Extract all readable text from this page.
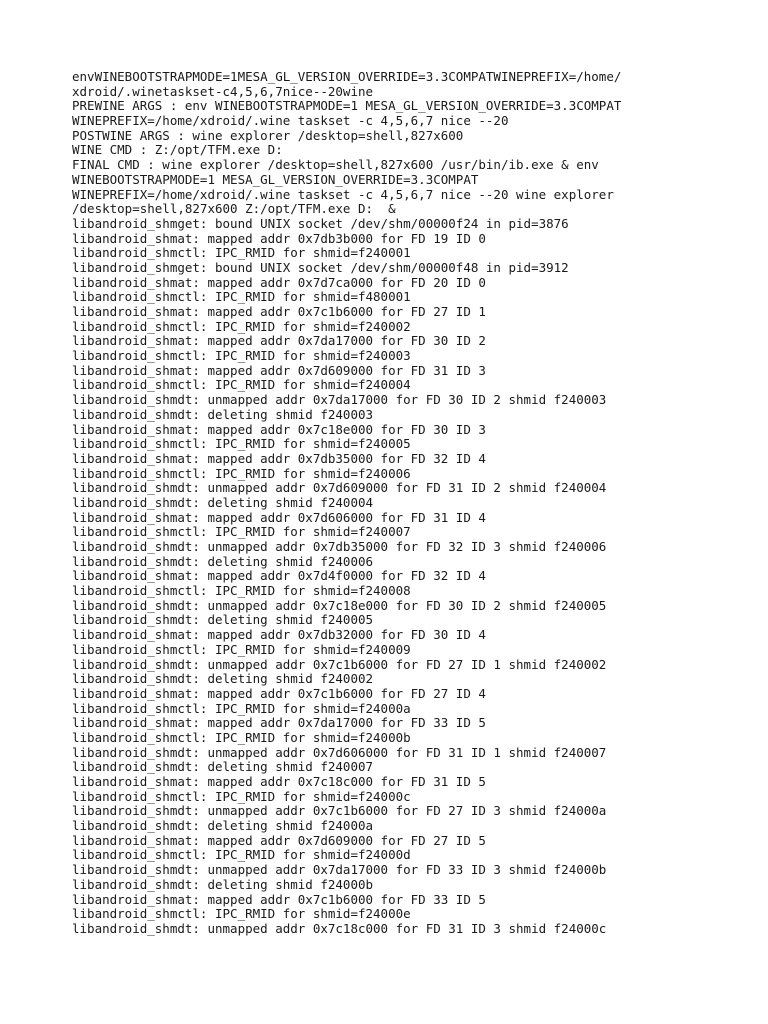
envWINEBOOTSTRAPMODE=1MESA_GL_VERSION_OVERRIDE=3.3COMPATWINEPREFIX=/home/
xdroid/.winetaskset-c4,5,6,7nice--20wine
PREWINE ARGS : env WINEBOOTSTRAPMODE=1 MESA_GL_VERSION_OVERRIDE=3.3COMPAT
WINEPREFIX=/home/xdroid/.wine taskset -c 4,5,6,7 nice --20
POSTWINE ARGS : wine explorer /desktop=shell,827x600
WINE CMD : Z:/opt/TFM.exe D:
FINAL CMD : wine explorer /desktop=shell,827x600 /usr/bin/ib.exe & env
WINEBOOTSTRAPMODE=1 MESA_GL_VERSION_OVERRIDE=3.3COMPAT
WINEPREFIX=/home/xdroid/.wine taskset -c 4,5,6,7 nice --20 wine explorer
/desktop=shell,827x600 Z:/opt/TFM.exe D:  &
libandroid_shmget: bound UNIX socket /dev/shm/00000f24 in pid=3876
libandroid_shmat: mapped addr 0x7db3b000 for FD 19 ID 0
libandroid_shmctl: IPC_RMID for shmid=f240001
libandroid_shmget: bound UNIX socket /dev/shm/00000f48 in pid=3912
libandroid_shmat: mapped addr 0x7d7ca000 for FD 20 ID 0
libandroid_shmctl: IPC_RMID for shmid=f480001
libandroid_shmat: mapped addr 0x7c1b6000 for FD 27 ID 1
libandroid_shmctl: IPC_RMID for shmid=f240002
libandroid_shmat: mapped addr 0x7da17000 for FD 30 ID 2
libandroid_shmctl: IPC_RMID for shmid=f240003
libandroid_shmat: mapped addr 0x7d609000 for FD 31 ID 3
libandroid_shmctl: IPC_RMID for shmid=f240004
libandroid_shmdt: unmapped addr 0x7da17000 for FD 30 ID 2 shmid f240003
libandroid_shmdt: deleting shmid f240003
libandroid_shmat: mapped addr 0x7c18e000 for FD 30 ID 3
libandroid_shmctl: IPC_RMID for shmid=f240005
libandroid_shmat: mapped addr 0x7db35000 for FD 32 ID 4
libandroid_shmctl: IPC_RMID for shmid=f240006
libandroid_shmdt: unmapped addr 0x7d609000 for FD 31 ID 2 shmid f240004
libandroid_shmdt: deleting shmid f240004
libandroid_shmat: mapped addr 0x7d606000 for FD 31 ID 4
libandroid_shmctl: IPC_RMID for shmid=f240007
libandroid_shmdt: unmapped addr 0x7db35000 for FD 32 ID 3 shmid f240006
libandroid_shmdt: deleting shmid f240006
libandroid_shmat: mapped addr 0x7d4f0000 for FD 32 ID 4
libandroid_shmctl: IPC_RMID for shmid=f240008
libandroid_shmdt: unmapped addr 0x7c18e000 for FD 30 ID 2 shmid f240005
libandroid_shmdt: deleting shmid f240005
libandroid_shmat: mapped addr 0x7db32000 for FD 30 ID 4
libandroid_shmctl: IPC_RMID for shmid=f240009
libandroid_shmdt: unmapped addr 0x7c1b6000 for FD 27 ID 1 shmid f240002
libandroid_shmdt: deleting shmid f240002
libandroid_shmat: mapped addr 0x7c1b6000 for FD 27 ID 4
libandroid_shmctl: IPC_RMID for shmid=f24000a
libandroid_shmat: mapped addr 0x7da17000 for FD 33 ID 5
libandroid_shmctl: IPC_RMID for shmid=f24000b
libandroid_shmdt: unmapped addr 0x7d606000 for FD 31 ID 1 shmid f240007
libandroid_shmdt: deleting shmid f240007
libandroid_shmat: mapped addr 0x7c18c000 for FD 31 ID 5
libandroid_shmctl: IPC_RMID for shmid=f24000c
libandroid_shmdt: unmapped addr 0x7c1b6000 for FD 27 ID 3 shmid f24000a
libandroid_shmdt: deleting shmid f24000a
libandroid_shmat: mapped addr 0x7d609000 for FD 27 ID 5
libandroid_shmctl: IPC_RMID for shmid=f24000d
libandroid_shmdt: unmapped addr 0x7da17000 for FD 33 ID 3 shmid f24000b
libandroid_shmdt: deleting shmid f24000b
libandroid_shmat: mapped addr 0x7c1b6000 for FD 33 ID 5
libandroid_shmctl: IPC_RMID for shmid=f24000e
libandroid_shmdt: unmapped addr 0x7c18c000 for FD 31 ID 3 shmid f24000c
